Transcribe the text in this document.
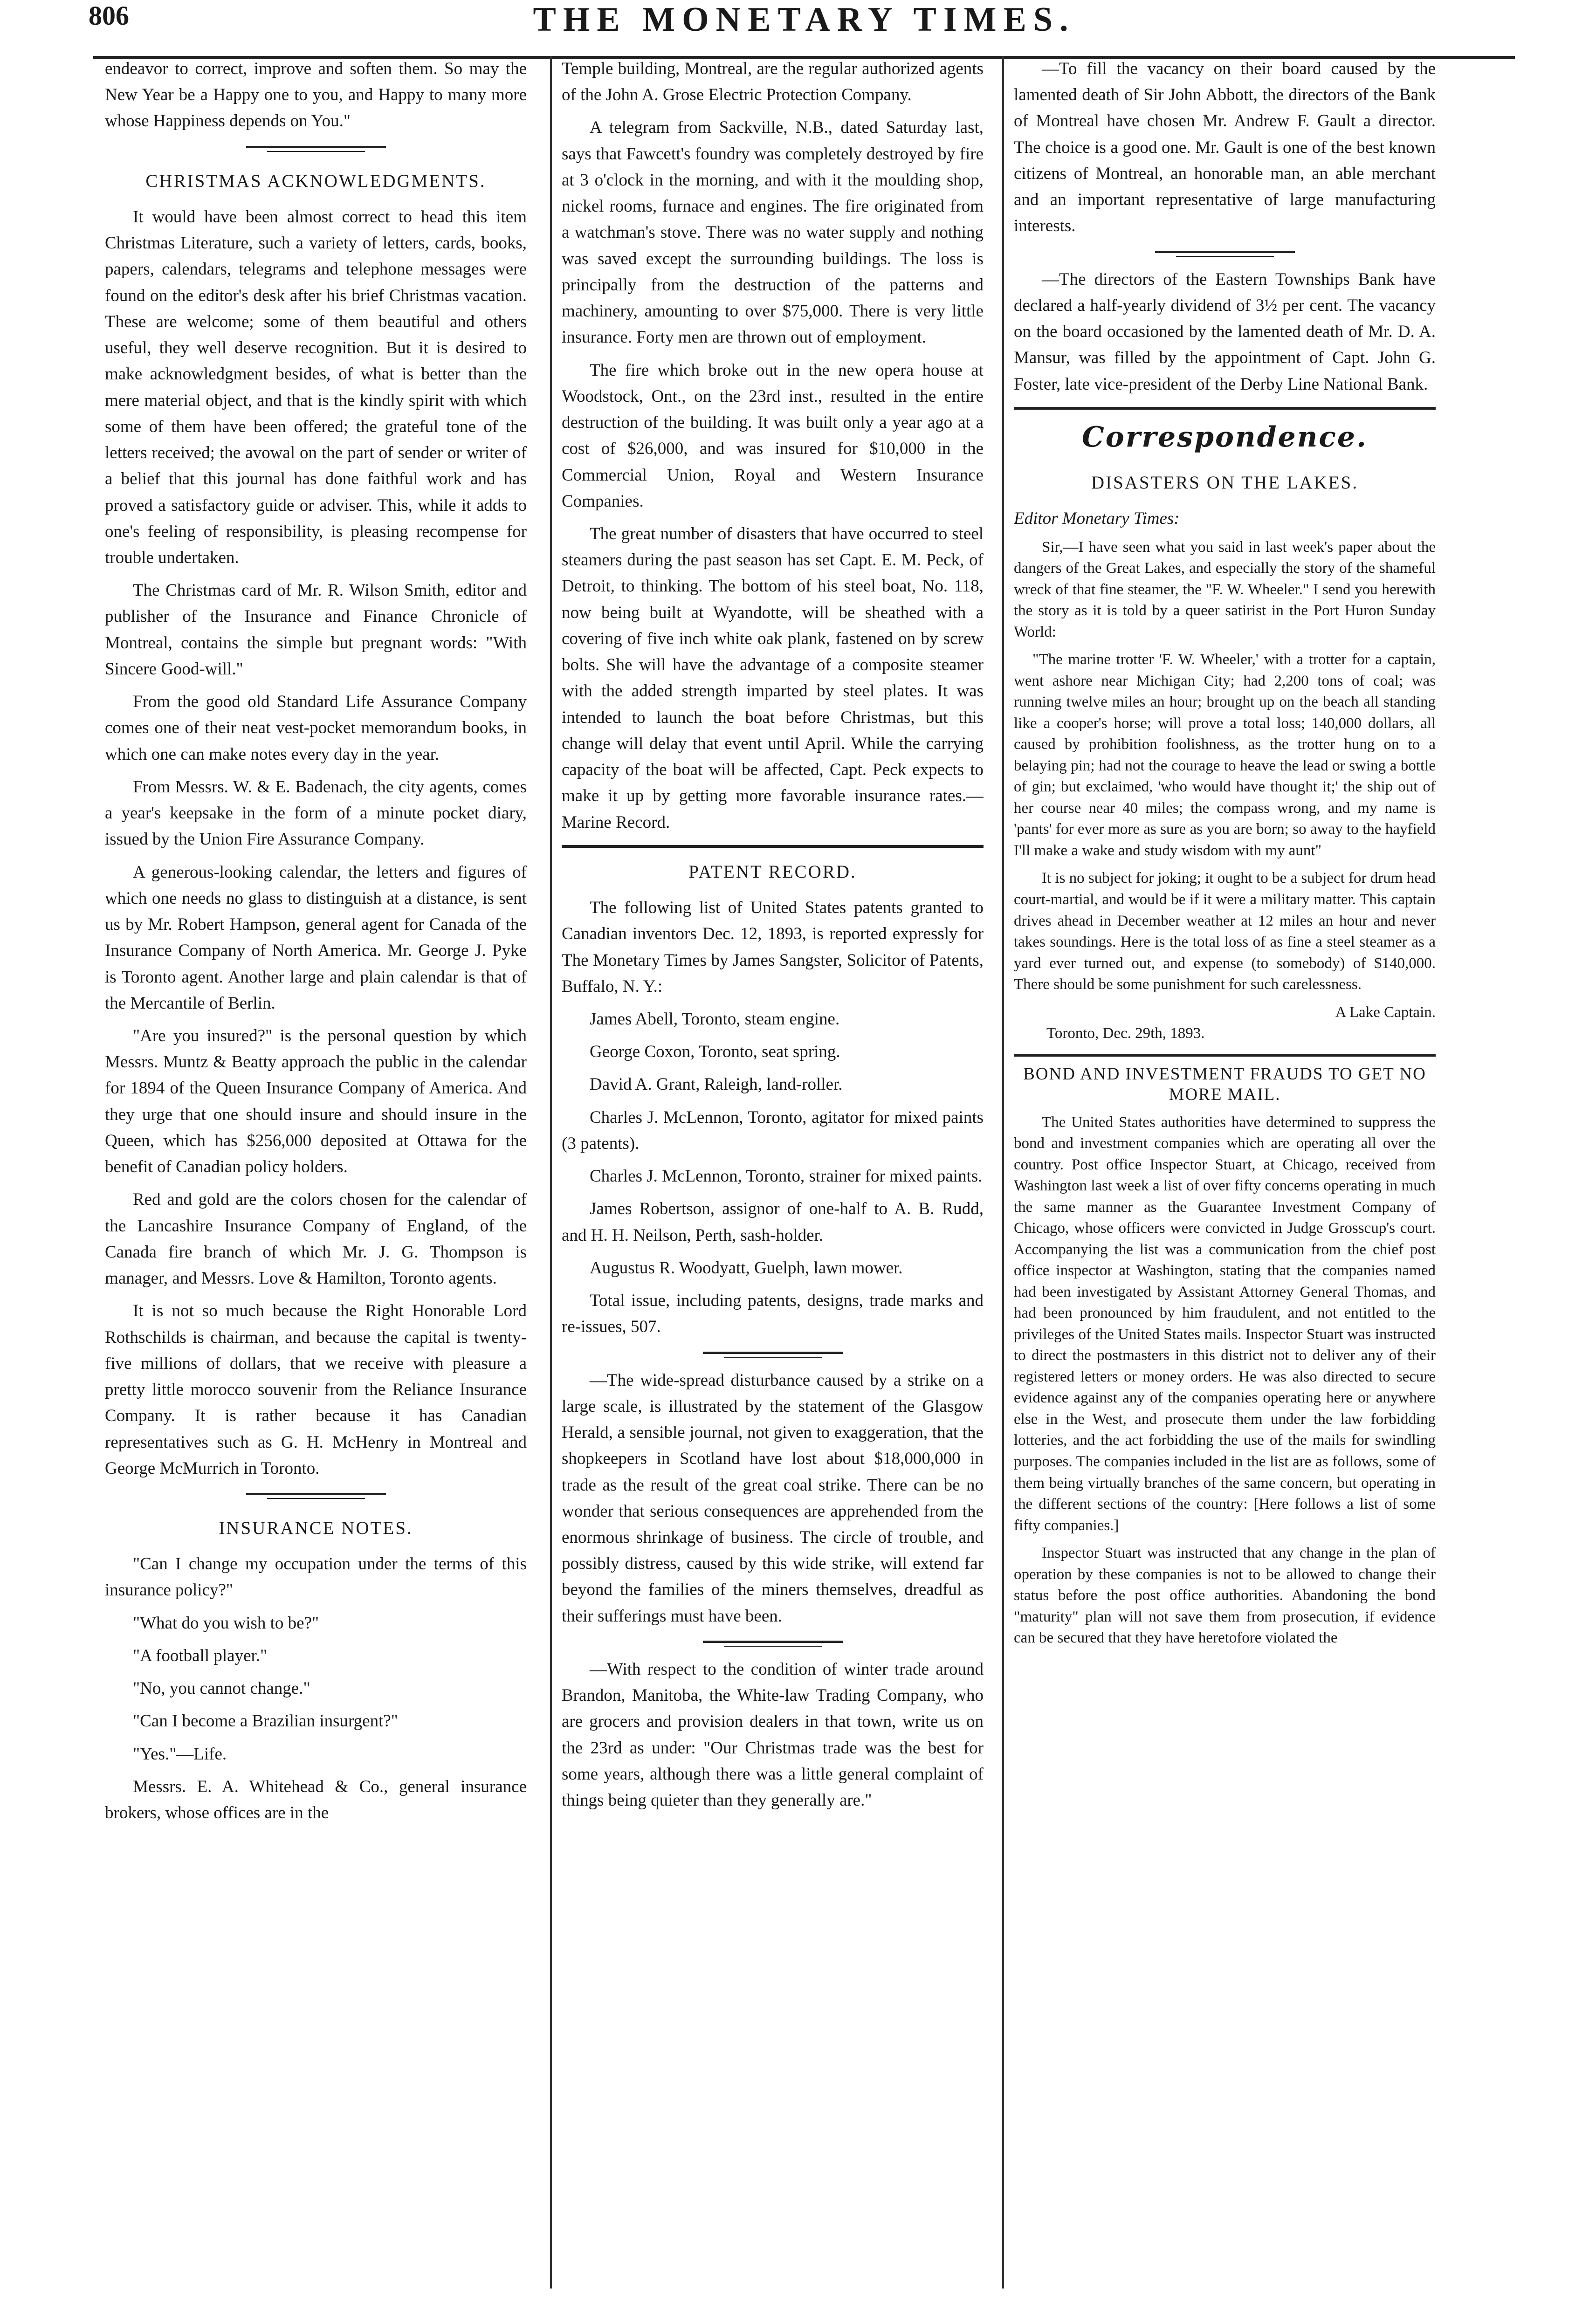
806	THE MONETARY TIMES.

endeavor to correct, improve and soften them. So may the New Year be a Happy one to you, and Happy to many more whose Happiness depends on You."

CHRISTMAS ACKNOWLEDGMENTS.

It would have been almost correct to head this item Christmas Literature, such a variety of letters, cards, books, papers, calendars, telegrams and telephone messages were found on the editor's desk after his brief Christmas vacation. These are welcome; some of them beautiful and others useful, they well deserve recognition. But it is desired to make acknowledgment besides, of what is better than the mere material object, and that is the kindly spirit with which some of them have been offered; the grateful tone of the letters received; the avowal on the part of sender or writer of a belief that this journal has done faithful work and has proved a satisfactory guide or adviser. This, while it adds to one's feeling of responsibility, is pleasing recompense for trouble undertaken.

The Christmas card of Mr. R. Wilson Smith, editor and publisher of the Insurance and Finance Chronicle of Montreal, contains the simple but pregnant words: "With Sincere Good-will."

From the good old Standard Life Assurance Company comes one of their neat vest-pocket memorandum books, in which one can make notes every day in the year.

From Messrs. W. & E. Badenach, the city agents, comes a year's keepsake in the form of a minute pocket diary, issued by the Union Fire Assurance Company.

A generous-looking calendar, the letters and figures of which one needs no glass to distinguish at a distance, is sent us by Mr. Robert Hampson, general agent for Canada of the Insurance Company of North America. Mr. George J. Pyke is Toronto agent. Another large and plain calendar is that of the Mercantile of Berlin.

"Are you insured?" is the personal question by which Messrs. Muntz & Beatty approach the public in the calendar for 1894 of the Queen Insurance Company of America. And they urge that one should insure and should insure in the Queen, which has $256,000 deposited at Ottawa for the benefit of Canadian policy holders.

Red and gold are the colors chosen for the calendar of the Lancashire Insurance Company of England, of the Canada fire branch of which Mr. J. G. Thompson is manager, and Messrs. Love & Hamilton, Toronto agents.

It is not so much because the Right Honorable Lord Rothschilds is chairman, and because the capital is twenty-five millions of dollars, that we receive with pleasure a pretty little morocco souvenir from the Reliance Insurance Company. It is rather because it has Canadian representatives such as G. H. McHenry in Montreal and George McMurrich in Toronto.

INSURANCE NOTES.

"Can I change my occupation under the terms of this insurance policy?"

"What do you wish to be?"

"A football player."

"No, you cannot change."

"Can I become a Brazilian insurgent?"

"Yes."—Life.

Messrs. E. A. Whitehead & Co., general insurance brokers, whose offices are in the

Temple building, Montreal, are the regular authorized agents of the John A. Grose Electric Protection Company.

A telegram from Sackville, N.B., dated Saturday last, says that Fawcett's foundry was completely destroyed by fire at 3 o'clock in the morning, and with it the moulding shop, nickel rooms, furnace and engines. The fire originated from a watchman's stove. There was no water supply and nothing was saved except the surrounding buildings. The loss is principally from the destruction of the patterns and machinery, amounting to over $75,000. There is very little insurance. Forty men are thrown out of employment.

The fire which broke out in the new opera house at Woodstock, Ont., on the 23rd inst., resulted in the entire destruction of the building. It was built only a year ago at a cost of $26,000, and was insured for $10,000 in the Commercial Union, Royal and Western Insurance Companies.

The great number of disasters that have occurred to steel steamers during the past season has set Capt. E. M. Peck, of Detroit, to thinking. The bottom of his steel boat, No. 118, now being built at Wyandotte, will be sheathed with a covering of five inch white oak plank, fastened on by screw bolts. She will have the advantage of a composite steamer with the added strength imparted by steel plates. It was intended to launch the boat before Christmas, but this change will delay that event until April. While the carrying capacity of the boat will be affected, Capt. Peck expects to make it up by getting more favorable insurance rates.—Marine Record.

PATENT RECORD.

The following list of United States patents granted to Canadian inventors Dec. 12, 1893, is reported expressly for The Monetary Times by James Sangster, Solicitor of Patents, Buffalo, N. Y.:

James Abell, Toronto, steam engine.

George Coxon, Toronto, seat spring.

David A. Grant, Raleigh, land-roller.

Charles J. McLennon, Toronto, agitator for mixed paints (3 patents).

Charles J. McLennon, Toronto, strainer for mixed paints.

James Robertson, assignor of one-half to A. B. Rudd, and H. H. Neilson, Perth, sash-holder.

Augustus R. Woodyatt, Guelph, lawn mower.

Total issue, including patents, designs, trade marks and re-issues, 507.

—The wide-spread disturbance caused by a strike on a large scale, is illustrated by the statement of the Glasgow Herald, a sensible journal, not given to exaggeration, that the shopkeepers in Scotland have lost about $18,000,000 in trade as the result of the great coal strike. There can be no wonder that serious consequences are apprehended from the enormous shrinkage of business. The circle of trouble, and possibly distress, caused by this wide strike, will extend far beyond the families of the miners themselves, dreadful as their sufferings must have been.

—With respect to the condition of winter trade around Brandon, Manitoba, the White-law Trading Company, who are grocers and provision dealers in that town, write us on the 23rd as under: "Our Christmas trade was the best for some years, although there was a little general complaint of things being quieter than they generally are."

—To fill the vacancy on their board caused by the lamented death of Sir John Abbott, the directors of the Bank of Montreal have chosen Mr. Andrew F. Gault a director. The choice is a good one. Mr. Gault is one of the best known citizens of Montreal, an honorable man, an able merchant and an important representative of large manufacturing interests.

—The directors of the Eastern Townships Bank have declared a half-yearly dividend of 3½ per cent. The vacancy on the board occasioned by the lamented death of Mr. D. A. Mansur, was filled by the appointment of Capt. John G. Foster, late vice-president of the Derby Line National Bank.

Correspondence.
DISASTERS ON THE LAKES.
Editor Monetary Times:

Sir,—I have seen what you said in last week's paper about the dangers of the Great Lakes, and especially the story of the shameful wreck of that fine steamer, the "F. W. Wheeler." I send you herewith the story as it is told by a queer satirist in the Port Huron Sunday World:

"The marine trotter 'F. W. Wheeler,' with a trotter for a captain, went ashore near Michigan City; had 2,200 tons of coal; was running twelve miles an hour; brought up on the beach all standing like a cooper's horse; will prove a total loss; 140,000 dollars, all caused by prohibition foolishness, as the trotter hung on to a belaying pin; had not the courage to heave the lead or swing a bottle of gin; but exclaimed, 'who would have thought it;' the ship out of her course near 40 miles; the compass wrong, and my name is 'pants' for ever more as sure as you are born; so away to the hayfield I'll make a wake and study wisdom with my aunt"

It is no subject for joking; it ought to be a subject for drum head court-martial, and would be if it were a military matter. This captain drives ahead in December weather at 12 miles an hour and never takes soundings. Here is the total loss of as fine a steel steamer as a yard ever turned out, and expense (to somebody) of $140,000. There should be some punishment for such carelessness.

A Lake Captain.
Toronto, Dec. 29th, 1893.
BOND AND INVESTMENT FRAUDS TO GET NO MORE MAIL.

The United States authorities have determined to suppress the bond and investment companies which are operating all over the country. Post office Inspector Stuart, at Chicago, received from Washington last week a list of over fifty concerns operating in much the same manner as the Guarantee Investment Company of Chicago, whose officers were convicted in Judge Grosscup's court. Accompanying the list was a communication from the chief post office inspector at Washington, stating that the companies named had been investigated by Assistant Attorney General Thomas, and had been pronounced by him fraudulent, and not entitled to the privileges of the United States mails. Inspector Stuart was instructed to direct the postmasters in this district not to deliver any of their registered letters or money orders. He was also directed to secure evidence against any of the companies operating here or anywhere else in the West, and prosecute them under the law forbidding lotteries, and the act forbidding the use of the mails for swindling purposes. The companies included in the list are as follows, some of them being virtually branches of the same concern, but operating in the different sections of the country: [Here follows a list of some fifty companies.]

Inspector Stuart was instructed that any change in the plan of operation by these companies is not to be allowed to change their status before the post office authorities. Abandoning the bond "maturity" plan will not save them from prosecution, if evidence can be secured that they have heretofore violated the
